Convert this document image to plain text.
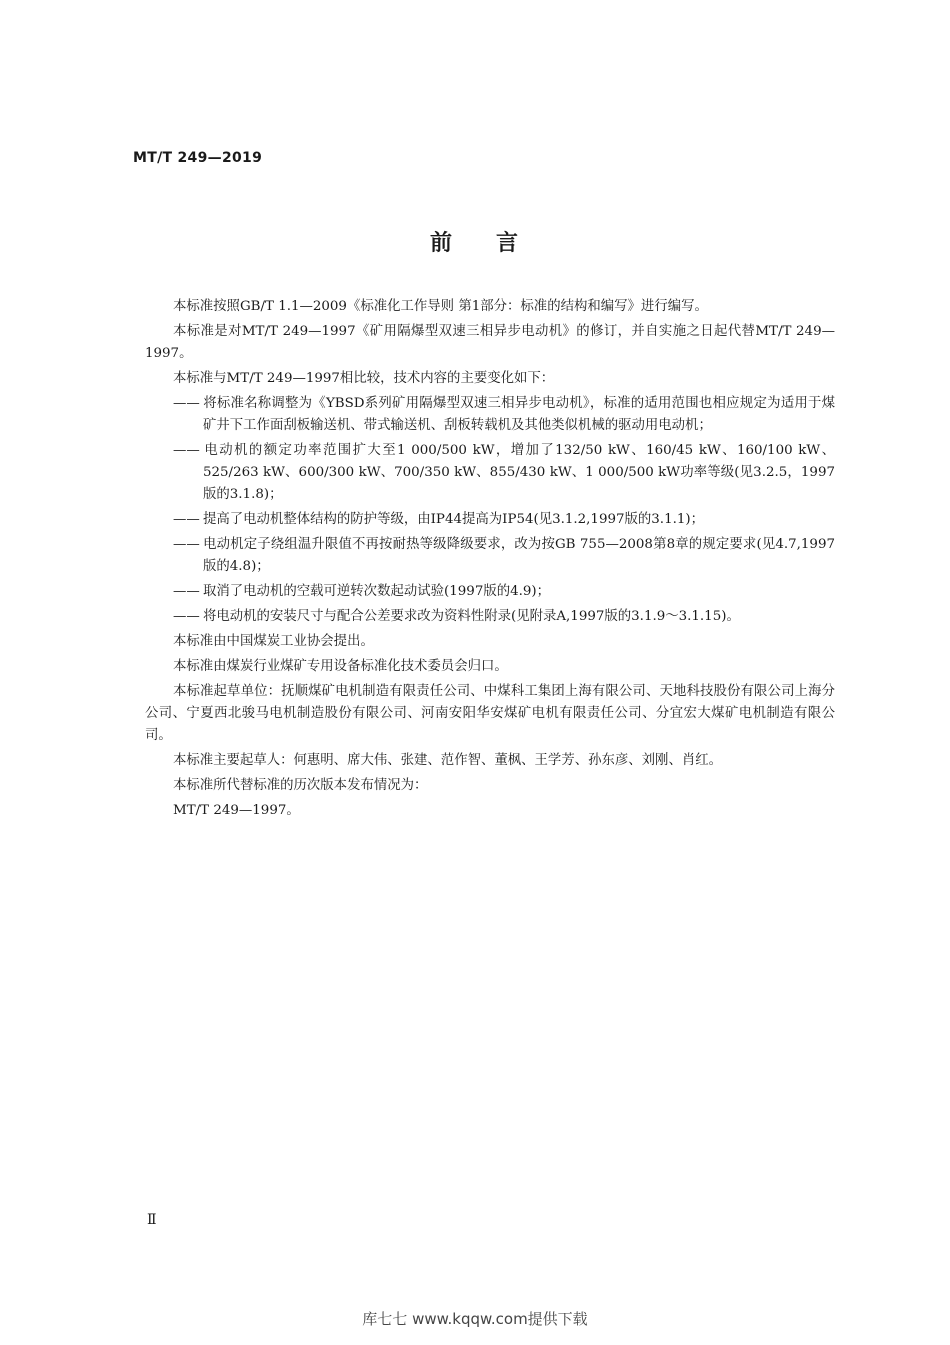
MT/T 249—2019
前 言

本标准按照GB/T 1.1—2009《标准化工作导则 第1部分：标准的结构和编写》进行编写。

本标准是对MT/T 249—1997《矿用隔爆型双速三相异步电动机》的修订，并自实施之日起代替MT/T 249—1997。

本标准与MT/T 249—1997相比较，技术内容的主要变化如下：

—— 将标准名称调整为《YBSD系列矿用隔爆型双速三相异步电动机》，标准的适用范围也相应规定为适用于煤矿井下工作面刮板输送机、带式输送机、刮板转载机及其他类似机械的驱动用电动机；
—— 电动机的额定功率范围扩大至1 000/500 kW，增加了132/50 kW、160/45 kW、160/100 kW、525/263 kW、600/300 kW、700/350 kW、855/430 kW、1 000/500 kW功率等级(见3.2.5，1997版的3.1.8)；
—— 提高了电动机整体结构的防护等级，由IP44提高为IP54(见3.1.2,1997版的3.1.1)；
—— 电动机定子绕组温升限值不再按耐热等级降级要求，改为按GB 755—2008第8章的规定要求(见4.7,1997版的4.8)；
—— 取消了电动机的空载可逆转次数起动试验(1997版的4.9)；
—— 将电动机的安装尺寸与配合公差要求改为资料性附录(见附录A,1997版的3.1.9～3.1.15)。

本标准由中国煤炭工业协会提出。

本标准由煤炭行业煤矿专用设备标准化技术委员会归口。

本标准起草单位：抚顺煤矿电机制造有限责任公司、中煤科工集团上海有限公司、天地科技股份有限公司上海分公司、宁夏西北骏马电机制造股份有限公司、河南安阳华安煤矿电机有限责任公司、分宜宏大煤矿电机制造有限公司。

本标准主要起草人：何惠明、席大伟、张建、范作智、董枫、王学芳、孙东彦、刘刚、肖红。

本标准所代替标准的历次版本发布情况为：

MT/T 249—1997。

Ⅱ
库七七 www.kqqw.com提供下载
